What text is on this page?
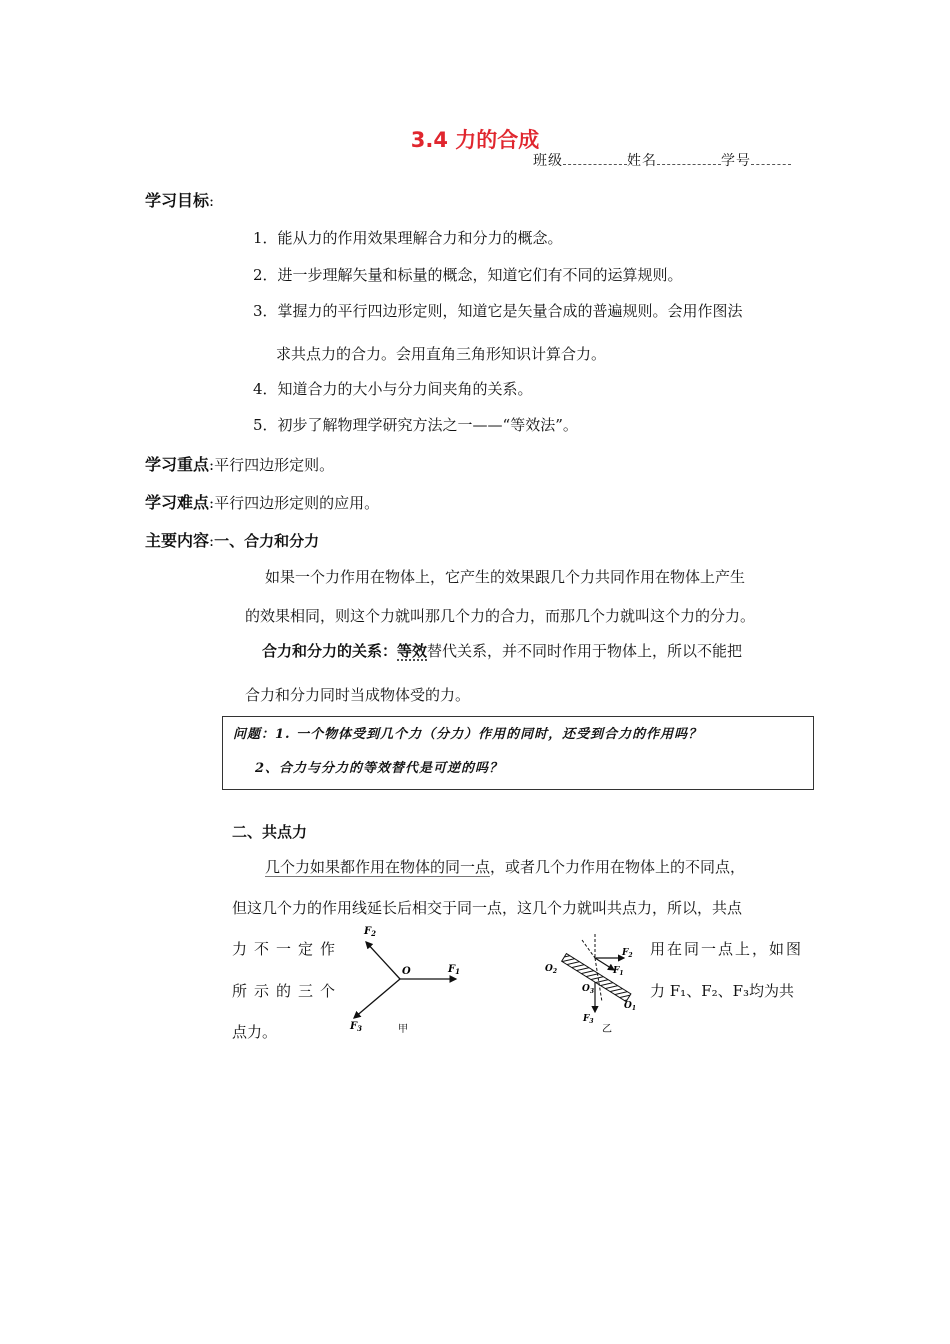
3.4 力的合成
班级	姓名	学号
学习目标:
1．能从力的作用效果理解合力和分力的概念。
2．进一步理解矢量和标量的概念，知道它们有不同的运算规则。
3．掌握力的平行四边形定则，知道它是矢量合成的普遍规则。会用作图法
求共点力的合力。会用直角三角形知识计算合力。
4．知道合力的大小与分力间夹角的关系。
5．初步了解物理学研究方法之一——“等效法”。
学习重点:平行四边形定则。
学习难点:平行四边形定则的应用。
主要内容:一、合力和分力
如果一个力作用在物体上，它产生的效果跟几个力共同作用在物体上产生
的效果相同，则这个力就叫那几个力的合力，而那几个力就叫这个力的分力。
合力和分力的关系：等效替代关系，并不同时作用于物体上，所以不能把
合力和分力同时当成物体受的力。
问题：1. 一个物体受到几个力（分力）作用的同时，还受到合力的作用吗？
2、合力与分力的等效替代是可逆的吗？
二、共点力
几个力如果都作用在物体的同一点，或者几个力作用在物体上的不同点，
但这几个力的作用线延长后相交于同一点，这几个力就叫共点力，所以，共点
力 不 一 定 作
所 示 的 三 个
点力。
用在同一点上，如图
力 F₁、F₂、F₃均为共
O	$F_1$
$F_2$
$F_3$	甲
$O_2$
$O_3$
$O_1$
$F_2$
$F_1$
$F_3$
乙
